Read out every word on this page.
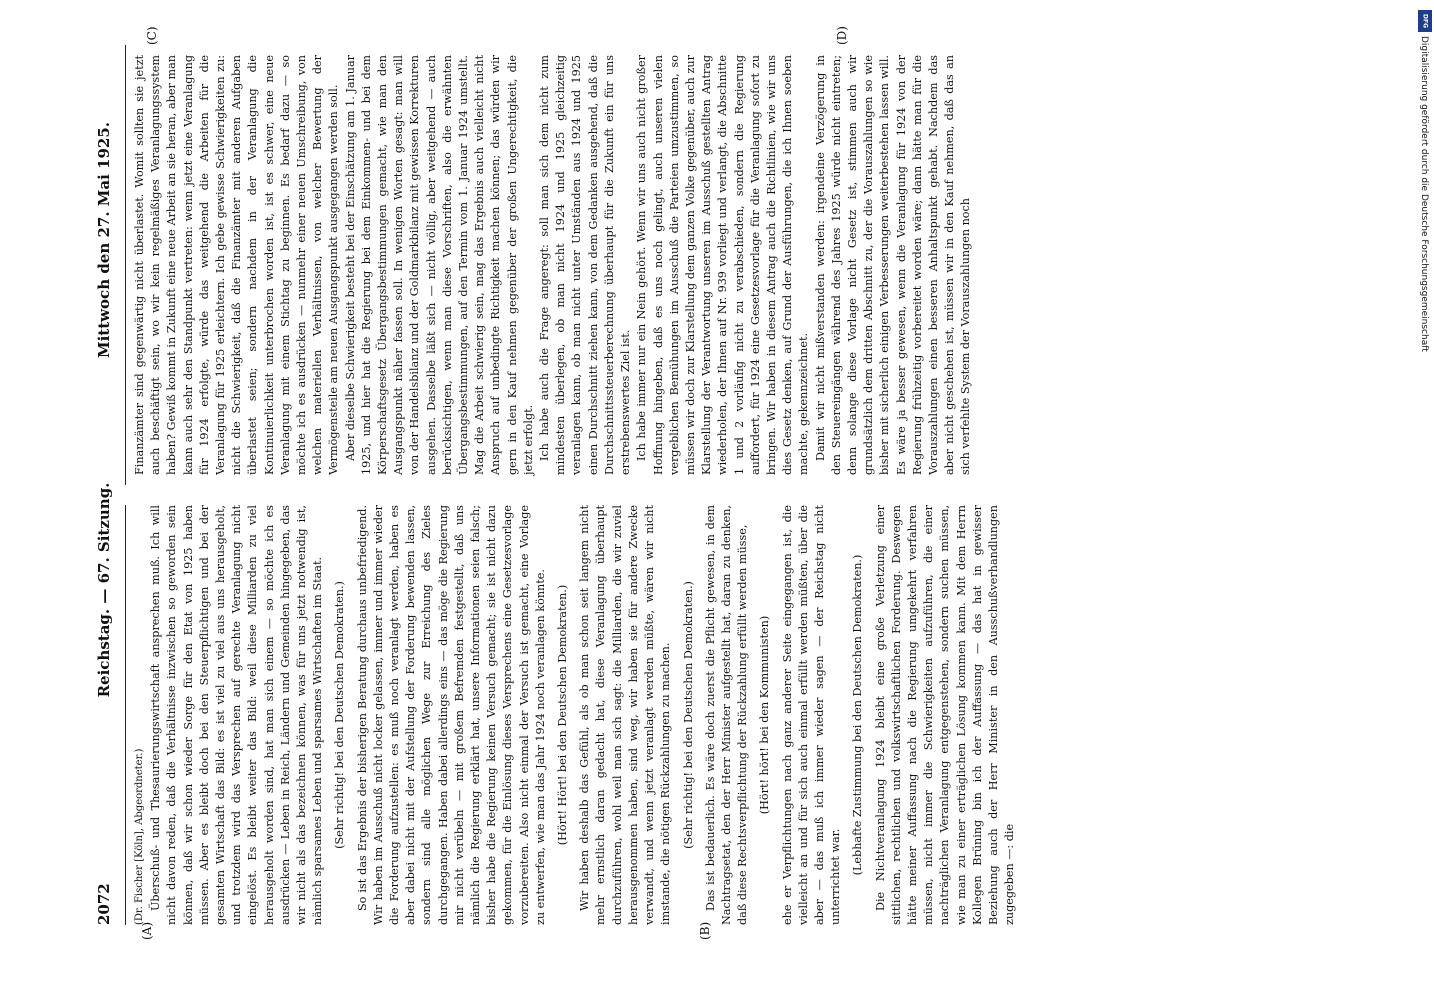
2072
Reichstag. — 67. Sitzung.
Mittwoch den 27. Mai 1925.
(A)	(B)
(C)	(D)

(Dr. Fischer [Köln], Abgeordneter.) Überschuß- und Thesaurierungswirtschaft ansprechen muß. Ich will nicht davon reden, daß die Verhältnisse inzwischen so geworden sein können, daß wir schon wieder Sorge für den Etat von 1925 haben müssen. Aber es bleibt doch bei den Steuerpflichtigen und bei der gesamten Wirtschaft das Bild: es ist viel zu viel aus uns herausgeholt, und trotzdem wird das Versprechen auf gerechte Veranlagung nicht eingelöst. Es bleibt weiter das Bild: weil diese Milliarden zu viel herausgeholt worden sind, hat man sich einem — so möchte ich es ausdrücken — Leben in Reich, Ländern und Gemeinden hingegeben, das wir nicht als das bezeichnen können, was für uns jetzt notwendig ist, nämlich sparsames Leben und sparsames Wirtschaften im Staat. (Sehr richtig! bei den Deutschen Demokraten.) So ist das Ergebnis der bisherigen Beratung durchaus unbefriedigend. Wir haben im Ausschuß nicht locker gelassen, immer und immer wieder die Forderung aufzustellen: es muß noch veranlagt werden, haben es aber dabei nicht mit der Aufstellung der Forderung bewenden lassen, sondern sind alle möglichen Wege zur Erreichung des Zieles durchgegangen. Haben dabei allerdings eins — das möge die Regierung mir nicht verübeln — mit großem Befremden festgestellt, daß uns nämlich die Regierung erklärt hat, unsere Informationen seien falsch; bisher habe die Regierung keinen Versuch gemacht; sie ist nicht dazu gekommen, für die Einlösung dieses Versprechens eine Gesetzesvorlage vorzubereiten. Also nicht einmal der Versuch ist gemacht, eine Vorlage zu entwerfen, wie man das Jahr 1924 noch veranlagen könnte. (Hört! Hört! bei den Deutschen Demokraten.) Wir haben deshalb das Gefühl, als ob man schon seit langem nicht mehr ernstlich daran gedacht hat, diese Veranlagung überhaupt durchzuführen, wohl weil man sich sagt: die Milliarden, die wir zuviel herausgenommen haben, sind weg, wir haben sie für andere Zwecke verwandt, und wenn jetzt veranlagt werden müßte, wären wir nicht imstande, die nötigen Rückzahlungen zu machen. (Sehr richtig! bei den Deutschen Demokraten.) Das ist bedauerlich. Es wäre doch zuerst die Pflicht gewesen, in dem Nachtragsetat, den der Herr Minister aufgestellt hat, daran zu denken, daß diese Rechtsverpflichtung der Rückzahlung erfüllt werden müsse, (Hört! hört! bei den Kommunisten) ehe er Verpflichtungen nach ganz anderer Seite eingegangen ist, die vielleicht an und für sich auch einmal erfüllt werden müßten, über die aber — das muß ich immer wieder sagen — der Reichstag nicht unterrichtet war.

(Lebhafte Zustimmung bei den Deutschen Demokraten.) Die Nichtveranlagung 1924 bleibt eine große Verletzung einer sittlichen, rechtlichen und volkswirtschaftlichen Forderung. Deswegen hätte meiner Auffassung nach die Regierung umgekehrt verfahren müssen, nicht immer die Schwierigkeiten aufzuführen, die einer nachträglichen Veranlagung entgegenstehen, sondern suchen müssen, wie man zu einer erträglichen Lösung kommen kann. Mit dem Herrn Kollegen Brüning bin ich der Auffassung — das hat in gewisser Beziehung auch der Herr Minister in den Ausschußverhandlungen zugegeben —: die

Finanzämter sind gegenwärtig nicht überlastet. Womit sollten sie jetzt auch beschäftigt sein, wo wir kein regelmäßiges Veranlagungssystem haben? Gewiß kommt in Zukunft eine neue Arbeit an sie heran, aber man kann auch sehr den Standpunkt vertreten: wenn jetzt eine Veranlagung für 1924 erfolgte, würde das weitgehend die Arbeiten für die Veranlagung für 1925 erleichtern. Ich gebe gewisse Schwierigkeiten zu: nicht die Schwierigkeit, daß die Finanzämter mit anderen Aufgaben überlastet seien; sondern nachdem in der Veranlagung die Kontinuierlichkeit unterbrochen worden ist, ist es schwer, eine neue Veranlagung mit einem Stichtag zu beginnen. Es bedarf dazu — so möchte ich es ausdrücken — nunmehr einer neuen Umschreibung, von welchen materiellen Verhältnissen, von welcher Bewertung der Vermögensteile am neuen Ausgangspunkt ausgegangen werden soll. Aber dieselbe Schwierigkeit besteht bei der Einschätzung am 1. Januar 1925, und hier hat die Regierung bei dem Einkommen- und bei dem Körperschaftsgesetz Übergangsbestimmungen gemacht, wie man den Ausgangspunkt näher fassen soll. In wenigen Worten gesagt: man will von der Handelsbilanz und der Goldmarkbilanz mit gewissen Korrekturen ausgehen. Dasselbe läßt sich — nicht völlig, aber weitgehend — auch berücksichtigen, wenn man diese Vorschriften, also die erwähnten Übergangsbestimmungen, auf den Termin vom 1. Januar 1924 umstellt. Mag die Arbeit schwierig sein, mag das Ergebnis auch vielleicht nicht Anspruch auf unbedingte Richtigkeit machen können; das würden wir gern in den Kauf nehmen gegenüber der großen Ungerechtigkeit, die jetzt erfolgt. Ich habe auch die Frage angeregt: soll man sich dem nicht zum mindesten überlegen, ob man nicht 1924 und 1925 gleichzeitig veranlagen kann, ob man nicht unter Umständen aus 1924 und 1925 einen Durchschnitt ziehen kann, von dem Gedanken ausgehend, daß die Durchschnittssteuerberechnung überhaupt für die Zukunft ein für uns erstrebenswertes Ziel ist. Ich habe immer nur ein Nein gehört. Wenn wir uns auch nicht großer Hoffnung hingeben, daß es uns noch gelingt, auch unseren vielen vergeblichen Bemühungen im Ausschuß die Parteien umzustimmen, so müssen wir doch zur Klarstellung dem ganzen Volke gegenüber, auch zur Klarstellung der Verantwortung unseren im Ausschuß gestellten Antrag wiederholen, der Ihnen auf Nr. 939 vorliegt und verlangt, die Abschnitte 1 und 2 vorläufig nicht zu verabschieden, sondern die Regierung auffordert, für 1924 eine Gesetzesvorlage für die Veranlagung sofort zu bringen. Wir haben in diesem Antrag auch die Richtlinien, wie wir uns dies Gesetz denken, auf Grund der Ausführungen, die ich Ihnen soeben machte, gekennzeichnet. Damit wir nicht mißverstanden werden: irgendeine Verzögerung in den Steuereingängen während des Jahres 1925 würde nicht eintreten; denn solange diese Vorlage nicht Gesetz ist, stimmen auch wir grundsätzlich dem dritten Abschnitt zu, der die Vorauszahlungen so wie bisher mit sicherlich einigen Verbesserungen weiterbestehen lassen will. Es wäre ja besser gewesen, wenn die Veranlagung für 1924 von der Regierung frühzeitig vorbereitet worden wäre; dann hätte man für die Vorauszahlungen einen besseren Anhaltspunkt gehabt. Nachdem das aber nicht geschehen ist, müssen wir in den Kauf nehmen, daß das an sich verfehlte System der Vorauszahlungen noch

DFG
Digitalisierung gefördert durch die Deutsche Forschungsgemeinschaft
